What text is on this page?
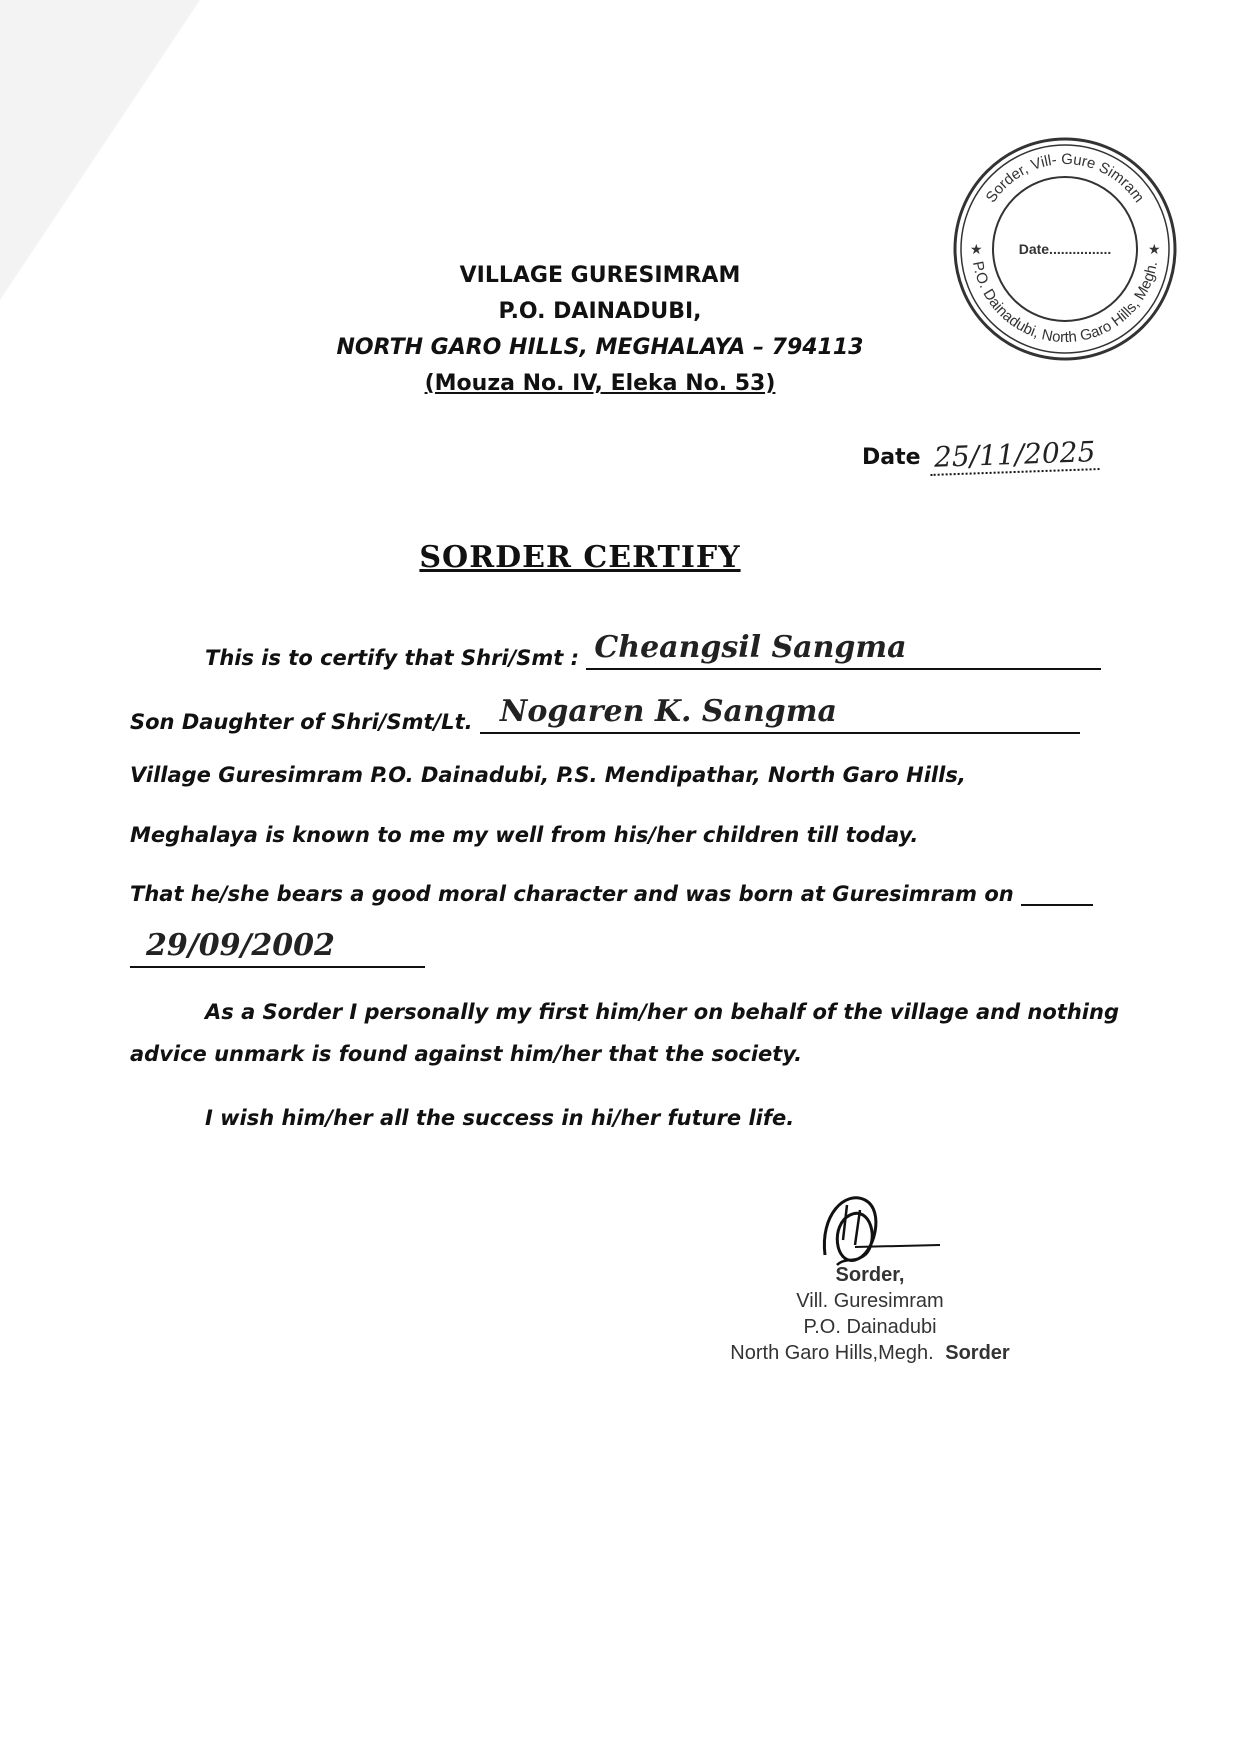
VILLAGE GURESIMRAM
P.O. DAINADUBI,
NORTH GARO HILLS, MEGHALAYA – 794113
(Mouza No. IV, Eleka No. 53)
Sorder, Vill- Gure Simram
P.O. Dainadubi, North Garo Hills, Megh.
★	★
Date................
Date 25/11/2025
SORDER CERTIFY
This is to certify that Shri/Smt : Cheangsil Sangma
Son Daughter of Shri/Smt/Lt. Nogaren K. Sangma
Village Guresimram P.O. Dainadubi, P.S. Mendipathar, North Garo Hills,
Meghalaya is known to me my well from his/her children till today.
That he/she bears a good moral character and was born at Guresimram on
29/09/2002
As a Sorder I personally my first him/her on behalf of the village and nothing
advice unmark is found against him/her that the society.
I wish him/her all the success in hi/her future life.
Sorder,
Vill. Guresimram
P.O. Dainadubi
North Garo Hills,Megh. Sorder
